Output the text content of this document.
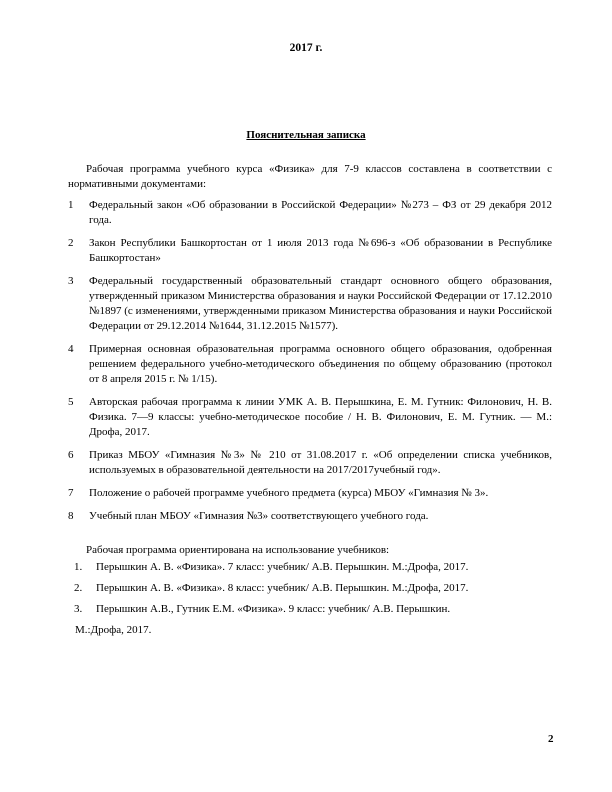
2017 г.
Пояснительная записка
Рабочая программа учебного курса «Физика» для 7-9 классов составлена в соответствии с нормативными документами:
1	Федеральный закон «Об образовании в Российской Федерации» №273 – ФЗ от 29 декабря 2012 года.
2	Закон Республики Башкортостан от 1 июля 2013 года №696-з «Об образовании в Республике Башкортостан»
3	Федеральный государственный образовательный стандарт основного общего образования, утвержденный приказом Министерства образования и науки Российской Федерации от 17.12.2010 №1897 (с изменениями, утвержденными приказом Министерства образования и науки Российской Федерации от 29.12.2014 №1644, 31.12.2015 №1577).
4	Примерная основная образовательная программа основного общего образования, одобренная решением федерального учебно-методического объединения по общему образованию (протокол от 8 апреля 2015 г. № 1/15).
5	Авторская рабочая программа к линии УМК А. В. Перышкина, Е. М. Гутник: Филонович, Н. В. Физика. 7—9 классы: учебно-методическое пособие / Н. В. Филонович, Е. М. Гутник. — М.: Дрофа, 2017.
6	Приказ МБОУ «Гимназия №3» № 210 от 31.08.2017 г. «Об определении списка учебников, используемых в образовательной деятельности на 2017/2017учебный год».
7	Положение о рабочей программе учебного предмета (курса) МБОУ «Гимназия № 3».
8	Учебный план МБОУ «Гимназия №3» соответствующего учебного года.
Рабочая программа ориентирована на использование учебников:
1.	Перышкин А. В. «Физика». 7 класс: учебник/ А.В. Перышкин. М.:Дрофа, 2017.
2.	Перышкин А. В. «Физика». 8 класс: учебник/ А.В. Перышкин. М.:Дрофа, 2017.
3.	Перышкин А.В., Гутник Е.М. «Физика». 9 класс: учебник/ А.В. Перышкин.
М.:Дрофа, 2017.
2
